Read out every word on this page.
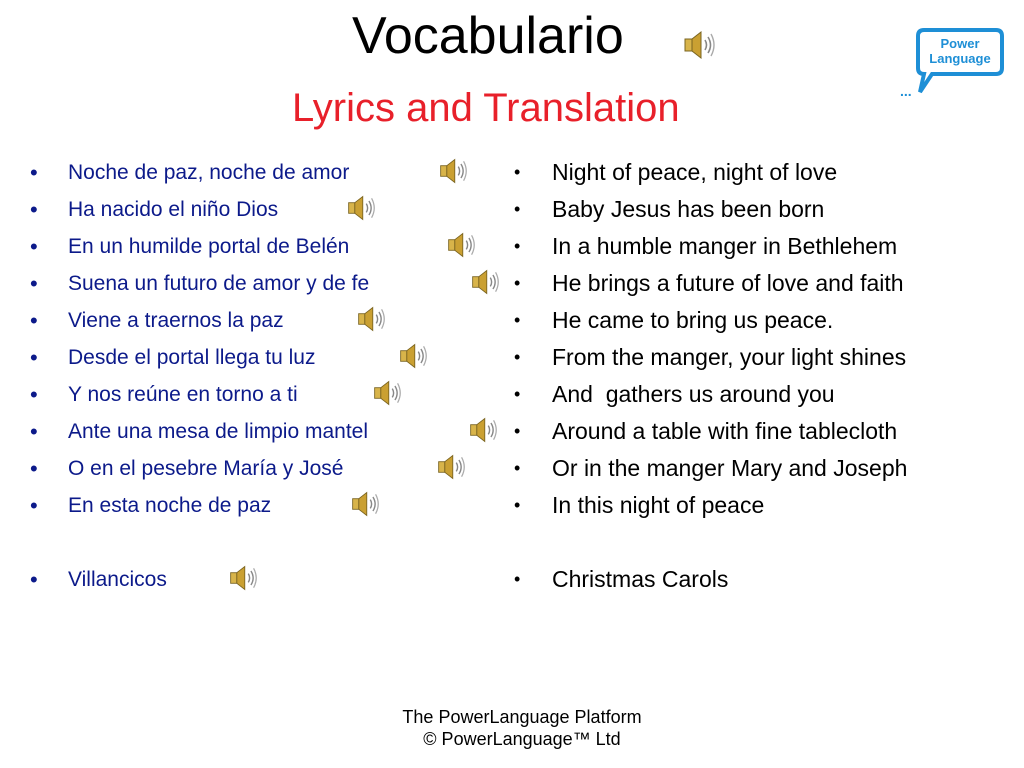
Vocabulario
Lyrics and Translation
Power
Language
...
•	Noche de paz, noche de amor
•	Ha nacido el niño Dios
•	En un humilde portal de Belén
•	Suena un futuro de amor y de fe
•	Viene a traernos la paz
•	Desde el portal llega tu luz
•	Y nos reúne en torno a ti
•	Ante una mesa de limpio mantel
•	O en el pesebre María y José
•	En esta noche de paz
•	Villancicos
•	Night of peace, night of love
•	Baby Jesus has been born
•	In a humble manger in Bethlehem
•	He brings a future of love and faith
•	He came to bring us peace.
•	From the manger, your light shines
•	And  gathers us around you
•	Around a table with fine tablecloth
•	Or in the manger Mary and Joseph
•	In this night of peace
•	Christmas Carols
The PowerLanguage Platform
© PowerLanguage™ Ltd
